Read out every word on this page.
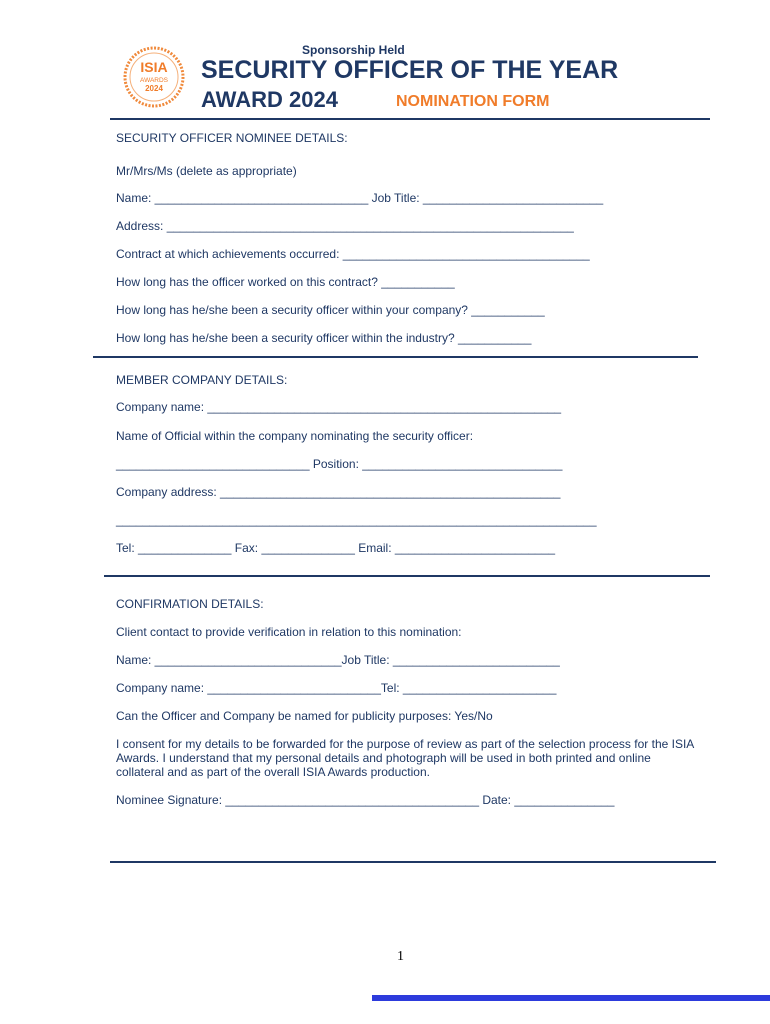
Sponsorship Held
ISIA
AWARDS
2024
SECURITY OFFICER OF THE YEAR
AWARD 2024	NOMINATION FORM
SECURITY OFFICER NOMINEE DETAILS:
Mr/Mrs/Ms (delete as appropriate)
Name: ________________________________ Job Title: ___________________________
Address: _____________________________________________________________
Contract at which achievements occurred: _____________________________________
How long has the officer worked on this contract? ___________
How long has he/she been a security officer within your company? ___________
How long has he/she been a security officer within the industry? ___________
MEMBER COMPANY DETAILS:
Company name: _____________________________________________________
Name of Official within the company nominating the security officer:
_____________________________ Position: ______________________________
Company address: ___________________________________________________
________________________________________________________________________
Tel: ______________ Fax: ______________ Email: ________________________
CONFIRMATION DETAILS:
Client contact to provide verification in relation to this nomination:
Name: ____________________________Job Title: _________________________
Company name: __________________________Tel: _______________________
Can the Officer and Company be named for publicity purposes: Yes/No
I consent for my details to be forwarded for the purpose of review as part of the selection process for the ISIA Awards. I understand that my personal details and photograph will be used in both printed and online collateral and as part of the overall ISIA Awards production.
Nominee Signature: ______________________________________ Date: _______________
1
